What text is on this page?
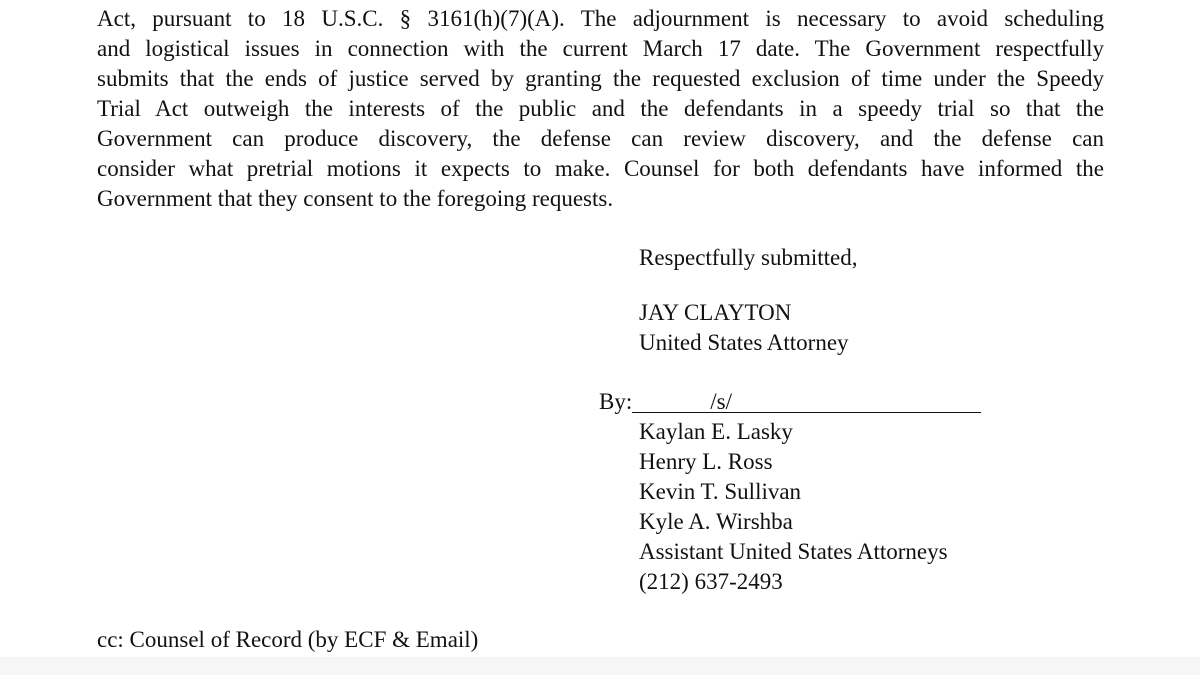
Act, pursuant to 18 U.S.C. § 3161(h)(7)(A). The adjournment is necessary to avoid scheduling
and logistical issues in connection with the current March 17 date. The Government respectfully
submits that the ends of justice served by granting the requested exclusion of time under the Speedy
Trial Act outweigh the interests of the public and the defendants in a speedy trial so that the
Government can produce discovery, the defense can review discovery, and the defense can
consider what pretrial motions it expects to make. Counsel for both defendants have informed the
Government that they consent to the foregoing requests.

Respectfully submitted,

JAY CLAYTON
United States Attorney

By:	/s/

Kaylan E. Lasky
Henry L. Ross
Kevin T. Sullivan
Kyle A. Wirshba
Assistant United States Attorneys
(212) 637-2493

cc: Counsel of Record (by ECF & Email)
